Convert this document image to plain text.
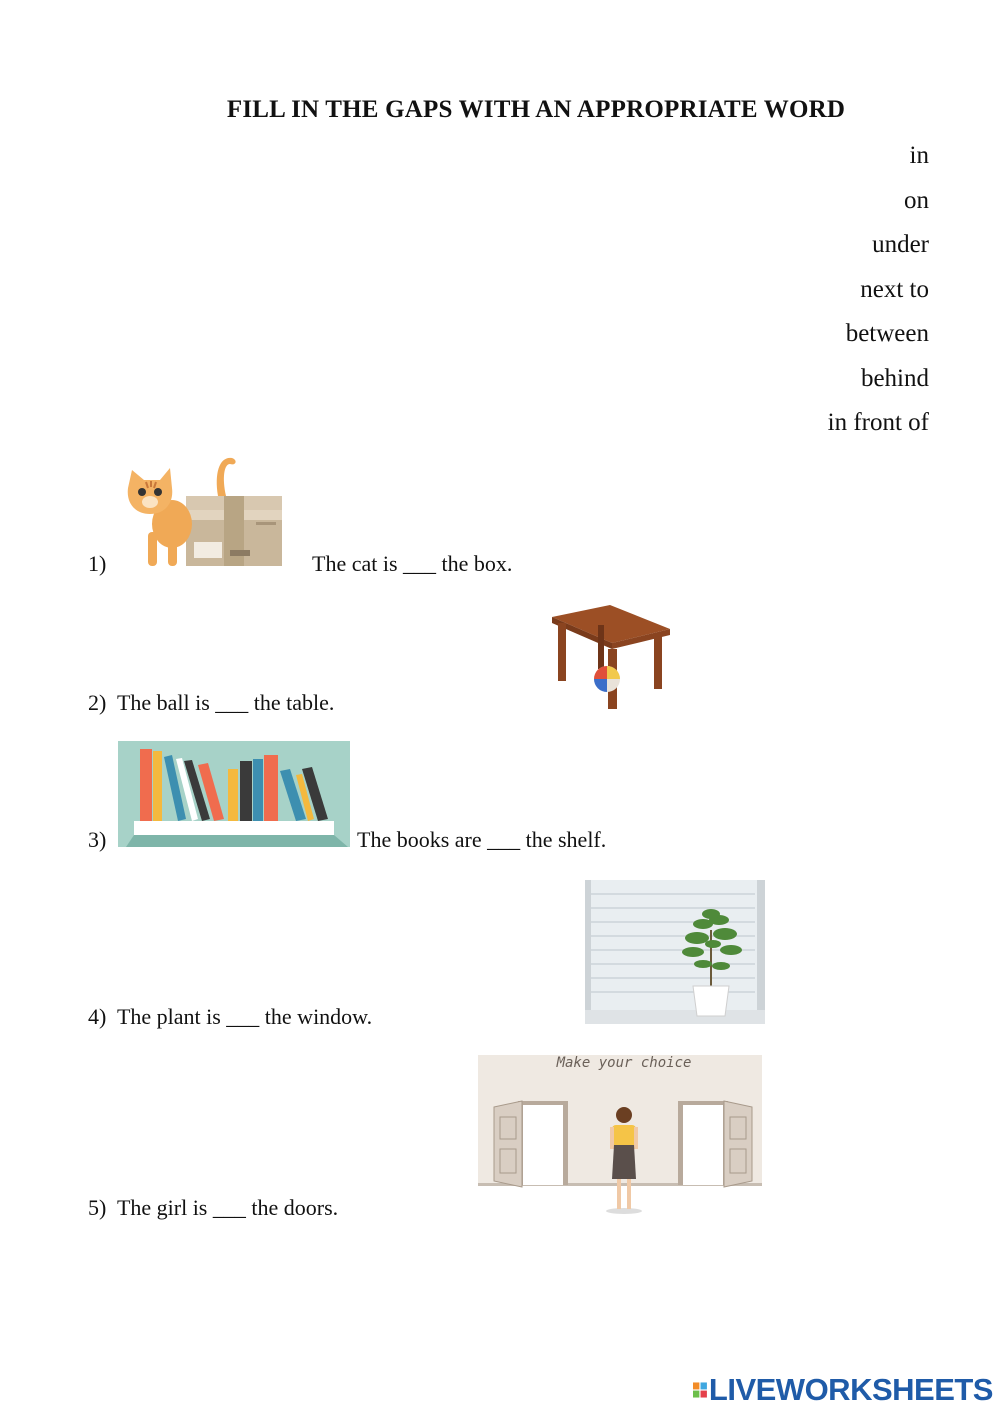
FILL IN THE GAPS WITH AN APPROPRIATE WORD
in
on
under
next to
between
behind
in front of
1)	The cat is ___ the box.
2) The ball is ___ the table.
3)	The books are ___ the shelf.
4) The plant is ___ the window.
5) The girl is ___ the doors.
Make your choice
LIVEWORKSHEETS
